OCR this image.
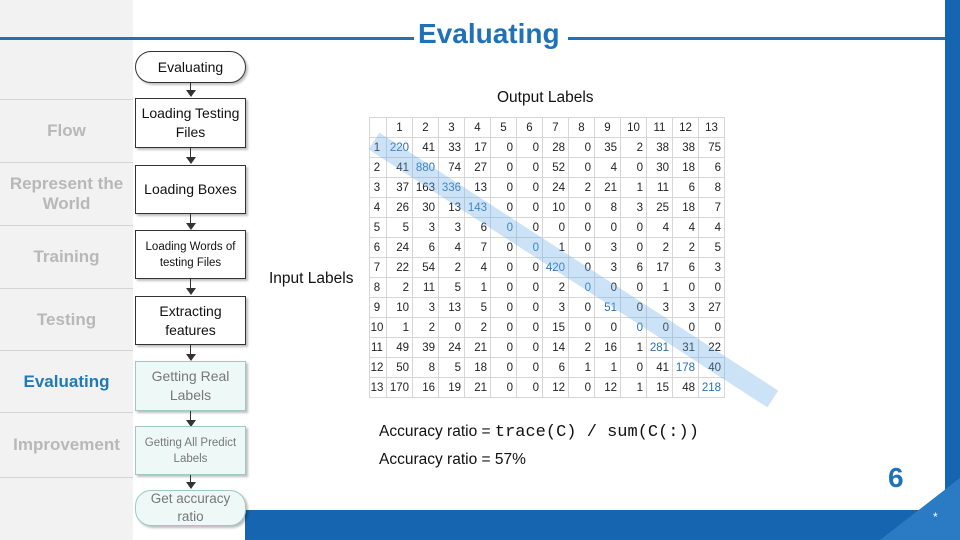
Flow
Represent the World
Training
Testing
Evaluating
Improvement
*
Evaluating
Evaluating
Loading Testing Files
Loading Boxes
Loading Words of testing Files
Extracting features
Getting Real Labels
Getting All Predict Labels
Get accuracy ratio
Output Labels
Input Labels
	1	2	3	4	5	6	7	8	9	10	11	12	13
1	220	41	33	17	0	0	28	0	35	2	38	38	75
2	41	880	74	27	0	0	52	0	4	0	30	18	6
3	37	163	336	13	0	0	24	2	21	1	11	6	8
4	26	30	13	143	0	0	10	0	8	3	25	18	7
5	5	3	3	6	0	0	0	0	0	0	4	4	4
6	24	6	4	7	0	0	1	0	3	0	2	2	5
7	22	54	2	4	0	0	420	0	3	6	17	6	3
8	2	11	5	1	0	0	2	0	0	0	1	0	0
9	10	3	13	5	0	0	3	0	51	0	3	3	27
10	1	2	0	2	0	0	15	0	0	0	0	0	0
11	49	39	24	21	0	0	14	2	16	1	281	31	22
12	50	8	5	18	0	0	6	1	1	0	41	178	40
13	170	16	19	21	0	0	12	0	12	1	15	48	218
Accuracy ratio = trace(C) / sum(C(:))
Accuracy ratio = 57%
6
